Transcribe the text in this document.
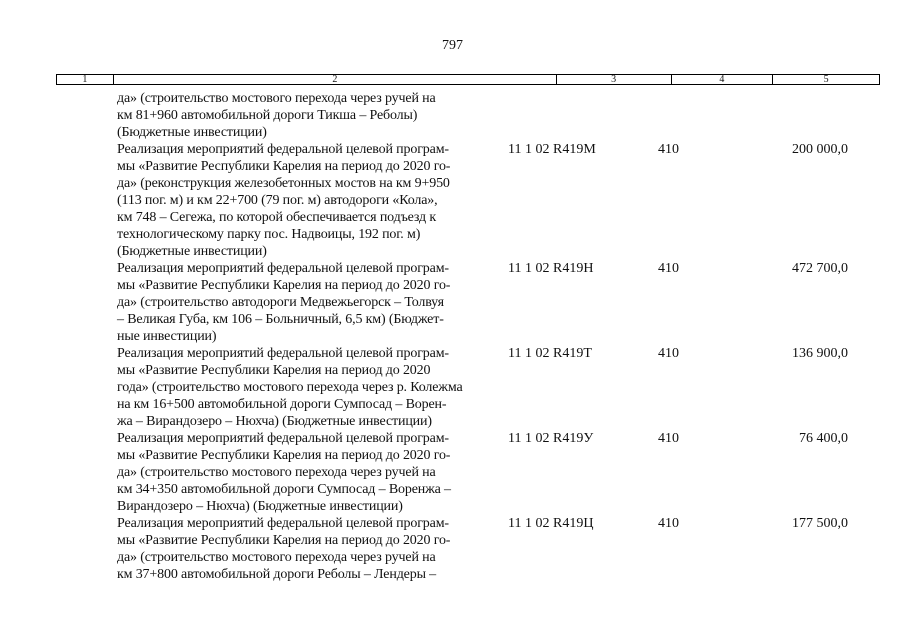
797
1	2	3	4	5
да» (строительство мостового перехода через ручей на
км 81+960 автомобильной дороги Тикша – Реболы)
(Бюджетные инвестиции)
Реализация мероприятий федеральной целевой програм-
мы «Развитие Республики Карелия на период до 2020 го-
да» (реконструкция железобетонных мостов на км 9+950
(113 пог. м) и км 22+700 (79 пог. м) автодороги «Кола»,
км 748 – Сегежа, по которой обеспечивается подъезд к
технологическому парку пос. Надвоицы, 192 пог. м)
(Бюджетные инвестиции)
11 1 02 R419М	410	200 000,0
Реализация мероприятий федеральной целевой програм-
мы «Развитие Республики Карелия на период до 2020 го-
да» (строительство автодороги Медвежьегорск – Толвуя
– Великая Губа, км 106 – Больничный, 6,5 км) (Бюджет-
ные инвестиции)
11 1 02 R419Н	410	472 700,0
Реализация мероприятий федеральной целевой програм-
мы «Развитие Республики Карелия на период до 2020
года» (строительство мостового перехода через р. Колежма
на км 16+500 автомобильной дороги Сумпосад – Ворен-
жа – Вирандозеро – Нюхча) (Бюджетные инвестиции)
11 1 02 R419Т	410	136 900,0
Реализация мероприятий федеральной целевой програм-
мы «Развитие Республики Карелия на период до 2020 го-
да» (строительство мостового перехода через ручей на
км 34+350 автомобильной дороги Сумпосад – Воренжа –
Вирандозеро – Нюхча) (Бюджетные инвестиции)
11 1 02 R419У	410	76 400,0
Реализация мероприятий федеральной целевой програм-
мы «Развитие Республики Карелия на период до 2020 го-
да» (строительство мостового перехода через ручей на
км 37+800 автомобильной дороги Реболы – Лендеры –
11 1 02 R419Ц	410	177 500,0
